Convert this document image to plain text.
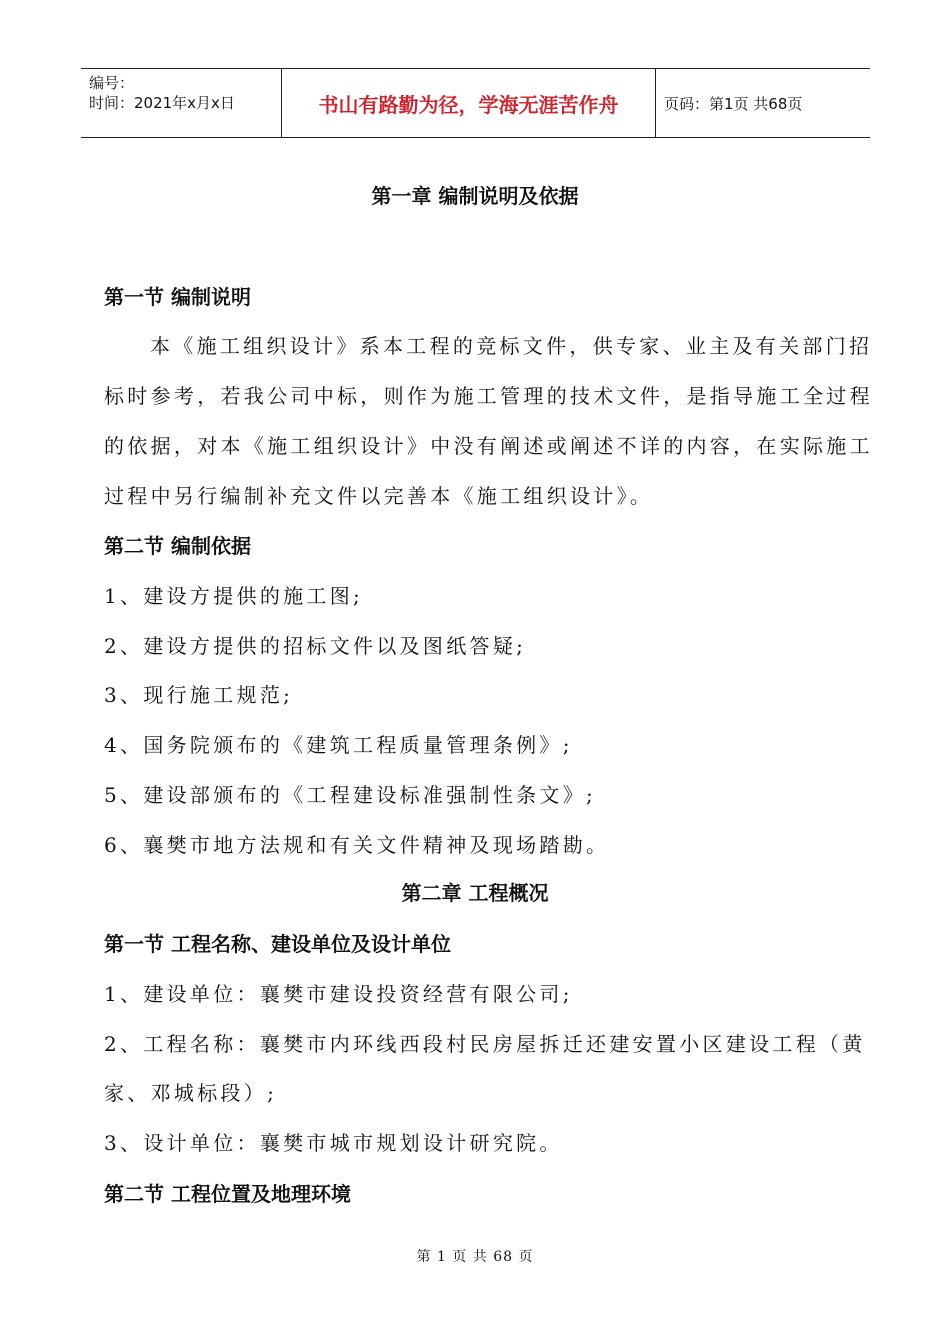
编号：
时间：2021年x月x日	书山有路勤为径，学海无涯苦作舟	页码：第1页 共68页
第一章 编制说明及依据
第一节 编制说明
本《施工组织设计》系本工程的竞标文件，供专家、业主及有关部门招
标时参考，若我公司中标，则作为施工管理的技术文件，是指导施工全过程
的依据，对本《施工组织设计》中没有阐述或阐述不详的内容，在实际施工
过程中另行编制补充文件以完善本《施工组织设计》。
第二节 编制依据
1、建设方提供的施工图;
2、建设方提供的招标文件以及图纸答疑;
3、现行施工规范;
4、国务院颁布的《建筑工程质量管理条例》;
5、建设部颁布的《工程建设标准强制性条文》;
6、襄樊市地方法规和有关文件精神及现场踏勘。
第二章 工程概况
第一节 工程名称、建设单位及设计单位
1、建设单位：襄樊市建设投资经营有限公司;
2、工程名称：襄樊市内环线西段村民房屋拆迁还建安置小区建设工程（黄
家、邓城标段）;
3、设计单位：襄樊市城市规划设计研究院。
第二节 工程位置及地理环境
第 1 页 共 68 页
